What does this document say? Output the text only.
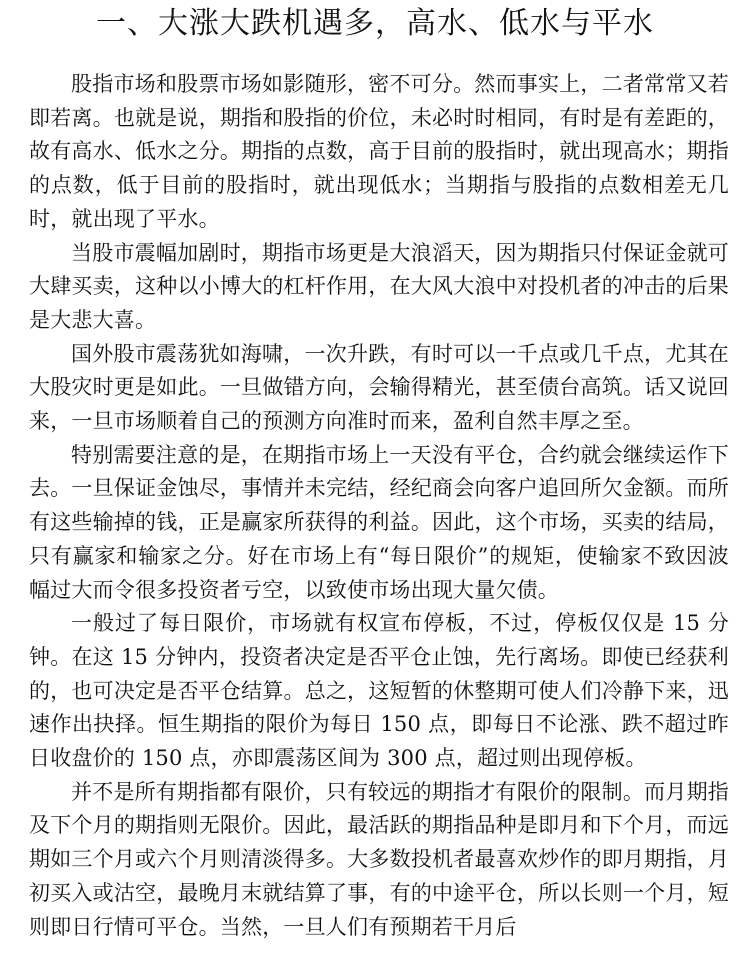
一、大涨大跌机遇多，高水、低水与平水

股指市场和股票市场如影随形，密不可分。然而事实上，二者常常又若即若离。也就是说，期指和股指的价位，未必时时相同，有时是有差距的，故有高水、低水之分。期指的点数，高于目前的股指时，就出现高水；期指的点数，低于目前的股指时，就出现低水；当期指与股指的点数相差无几时，就出现了平水。

当股市震幅加剧时，期指市场更是大浪滔天，因为期指只付保证金就可大肆买卖，这种以小博大的杠杆作用，在大风大浪中对投机者的冲击的后果是大悲大喜。

国外股市震荡犹如海啸，一次升跌，有时可以一千点或几千点，尤其在大股灾时更是如此。一旦做错方向，会输得精光，甚至债台高筑。话又说回来，一旦市场顺着自己的预测方向准时而来，盈利自然丰厚之至。

特别需要注意的是，在期指市场上一天没有平仓，合约就会继续运作下去。一旦保证金蚀尽，事情并未完结，经纪商会向客户追回所欠金额。而所有这些输掉的钱，正是赢家所获得的利益。因此，这个市场，买卖的结局，只有赢家和输家之分。好在市场上有“每日限价”的规矩，使输家不致因波幅过大而令很多投资者亏空，以致使市场出现大量欠债。

一般过了每日限价，市场就有权宣布停板，不过，停板仅仅是 15 分钟。在这 15 分钟内，投资者决定是否平仓止蚀，先行离场。即使已经获利的，也可决定是否平仓结算。总之，这短暂的休整期可使人们冷静下来，迅速作出抉择。恒生期指的限价为每日 150 点，即每日不论涨、跌不超过昨日收盘价的 150 点，亦即震荡区间为 300 点，超过则出现停板。

并不是所有期指都有限价，只有较远的期指才有限价的限制。而月期指及下个月的期指则无限价。因此，最活跃的期指品种是即月和下个月，而远期如三个月或六个月则清淡得多。大多数投机者最喜欢炒作的即月期指，月初买入或沽空，最晚月末就结算了事，有的中途平仓，所以长则一个月，短则即日行情可平仓。当然，一旦人们有预期若干月后
